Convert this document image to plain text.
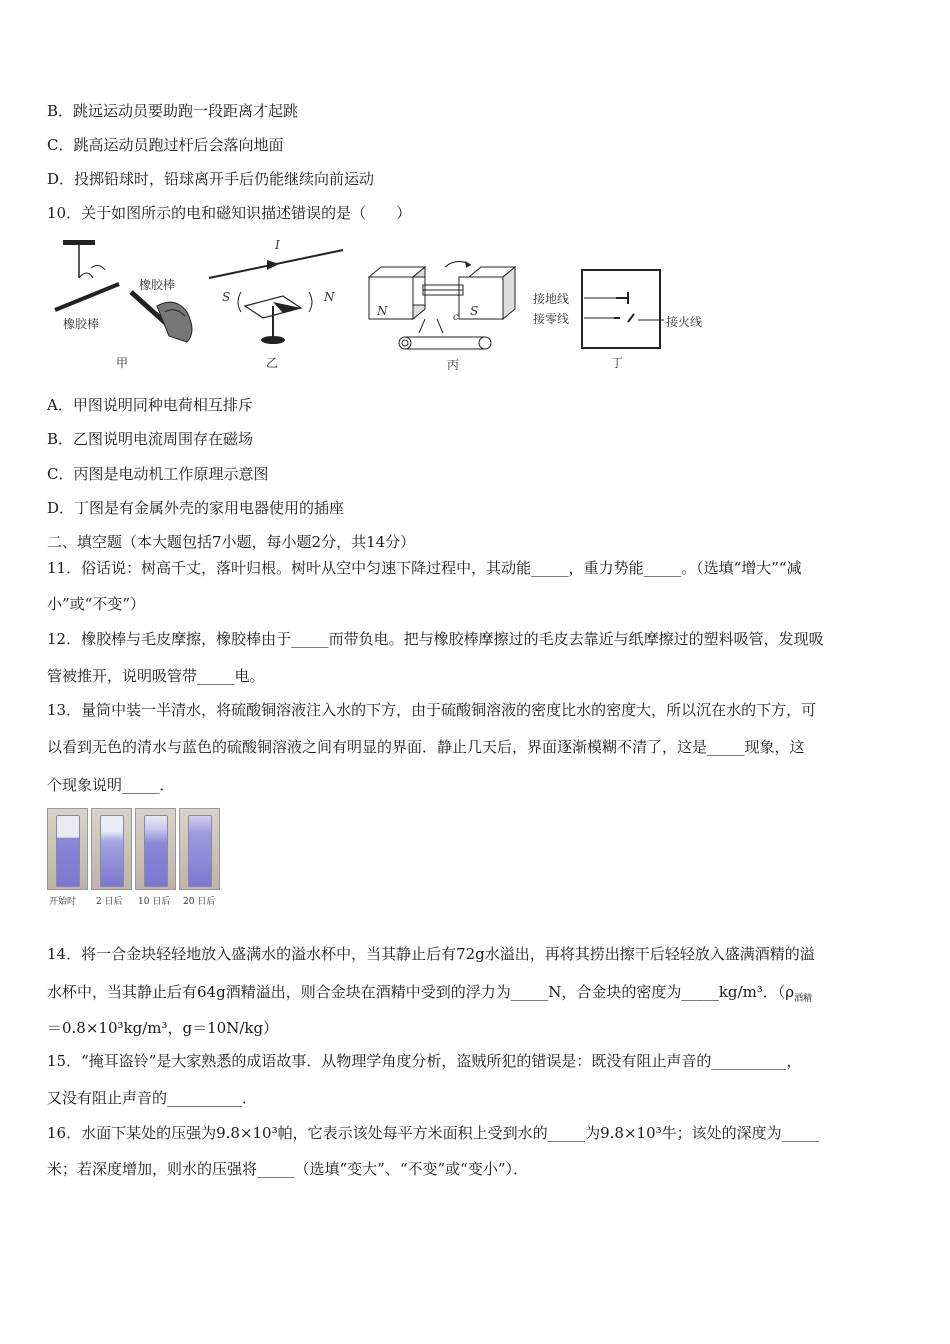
B．跳远运动员要助跑一段距离才起跳
C．跳高运动员跑过杆后会落向地面
D．投掷铅球时，铅球离开手后仍能继续向前运动
10．关于如图所示的电和磁知识描述错误的是（　　）
橡胶棒
橡胶棒
甲
I
S	N
乙
N	c S
丙
接地线
接零线	接火线
丁
A．甲图说明同种电荷相互排斥
B．乙图说明电流周围存在磁场
C．丙图是电动机工作原理示意图
D．丁图是有金属外壳的家用电器使用的插座
二、填空题（本大题包括7小题，每小题2分，共14分）
11．俗话说：树高千丈，落叶归根。树叶从空中匀速下降过程中，其动能_____，重力势能_____。（选填“增大”“减
小”或“不变”）
12．橡胶棒与毛皮摩擦，橡胶棒由于_____而带负电。把与橡胶棒摩擦过的毛皮去靠近与纸摩擦过的塑料吸管，发现吸
管被推开，说明吸管带_____电。
13．量筒中装一半清水，将硫酸铜溶液注入水的下方，由于硫酸铜溶液的密度比水的密度大，所以沉在水的下方，可
以看到无色的清水与蓝色的硫酸铜溶液之间有明显的界面．静止几天后，界面逐渐模糊不清了，这是_____现象，这
个现象说明_____．
开始时 2 日后 10 日后 20 日后
14．将一合金块轻轻地放入盛满水的溢水杯中，当其静止后有72g水溢出，再将其捞出擦干后轻轻放入盛满酒精的溢
水杯中，当其静止后有64g酒精溢出，则合金块在酒精中受到的浮力为_____N，合金块的密度为_____kg/m³．（$\rho_{酒精}$
＝0.8×10³kg/m³，g＝10N/kg）
15．“掩耳盗铃”是大家熟悉的成语故事．从物理学角度分析，盗贼所犯的错误是：既没有阻止声音的__________，
又没有阻止声音的__________．
16．水面下某处的压强为9.8×10³帕，它表示该处每平方米面积上受到水的_____为9.8×10³牛；该处的深度为_____
米；若深度增加，则水的压强将_____（选填“变大”、“不变”或“变小”）．
